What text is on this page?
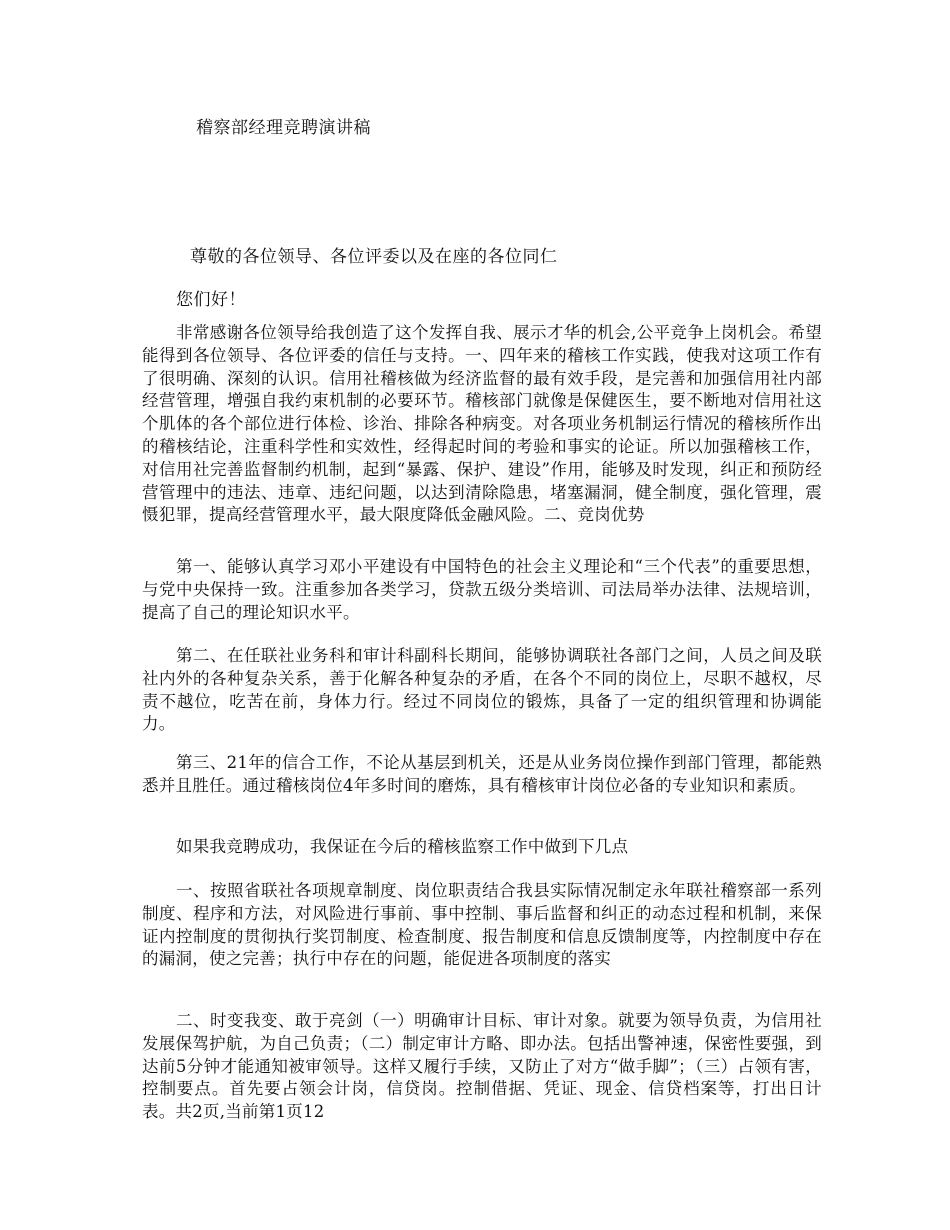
稽察部经理竞聘演讲稿
尊敬的各位领导、各位评委以及在座的各位同仁
您们好！

非常感谢各位领导给我创造了这个发挥自我、展示才华的机会,公平竞争上岗机会。希望能得到各位领导、各位评委的信任与支持。一、四年来的稽核工作实践，使我对这项工作有了很明确、深刻的认识。信用社稽核做为经济监督的最有效手段，是完善和加强信用社内部经营管理，增强自我约束机制的必要环节。稽核部门就像是保健医生，要不断地对信用社这个肌体的各个部位进行体检、诊治、排除各种病变。对各项业务机制运行情况的稽核所作出的稽核结论，注重科学性和实效性，经得起时间的考验和事实的论证。所以加强稽核工作，对信用社完善监督制约机制，起到“暴露、保护、建设”作用，能够及时发现，纠正和预防经营管理中的违法、违章、违纪问题，以达到清除隐患，堵塞漏洞，健全制度，强化管理，震慑犯罪，提高经营管理水平，最大限度降低金融风险。二、竞岗优势

第一、能够认真学习邓小平建设有中国特色的社会主义理论和“三个代表”的重要思想，与党中央保持一致。注重参加各类学习，贷款五级分类培训、司法局举办法律、法规培训，提高了自己的理论知识水平。

第二、在任联社业务科和审计科副科长期间，能够协调联社各部门之间，人员之间及联社内外的各种复杂关系，善于化解各种复杂的矛盾，在各个不同的岗位上，尽职不越权，尽责不越位，吃苦在前，身体力行。经过不同岗位的锻炼，具备了一定的组织管理和协调能力。

第三、21年的信合工作，不论从基层到机关，还是从业务岗位操作到部门管理，都能熟悉并且胜任。通过稽核岗位4年多时间的磨炼，具有稽核审计岗位必备的专业知识和素质。

如果我竞聘成功，我保证在今后的稽核监察工作中做到下几点

一、按照省联社各项规章制度、岗位职责结合我县实际情况制定永年联社稽察部一系列制度、程序和方法，对风险进行事前、事中控制、事后监督和纠正的动态过程和机制，来保证内控制度的贯彻执行奖罚制度、检查制度、报告制度和信息反馈制度等，内控制度中存在的漏洞，使之完善；执行中存在的问题，能促进各项制度的落实

二、时变我变、敢于亮剑（一）明确审计目标、审计对象。就要为领导负责，为信用社发展保驾护航，为自己负责；（二）制定审计方略、即办法。包括出警神速，保密性要强，到达前5分钟才能通知被审领导。这样又履行手续，又防止了对方“做手脚”；（三）占领有害，控制要点。首先要占领会计岗，信贷岗。控制借据、凭证、现金、信贷档案等，打出日计表。共2页,当前第1页12
